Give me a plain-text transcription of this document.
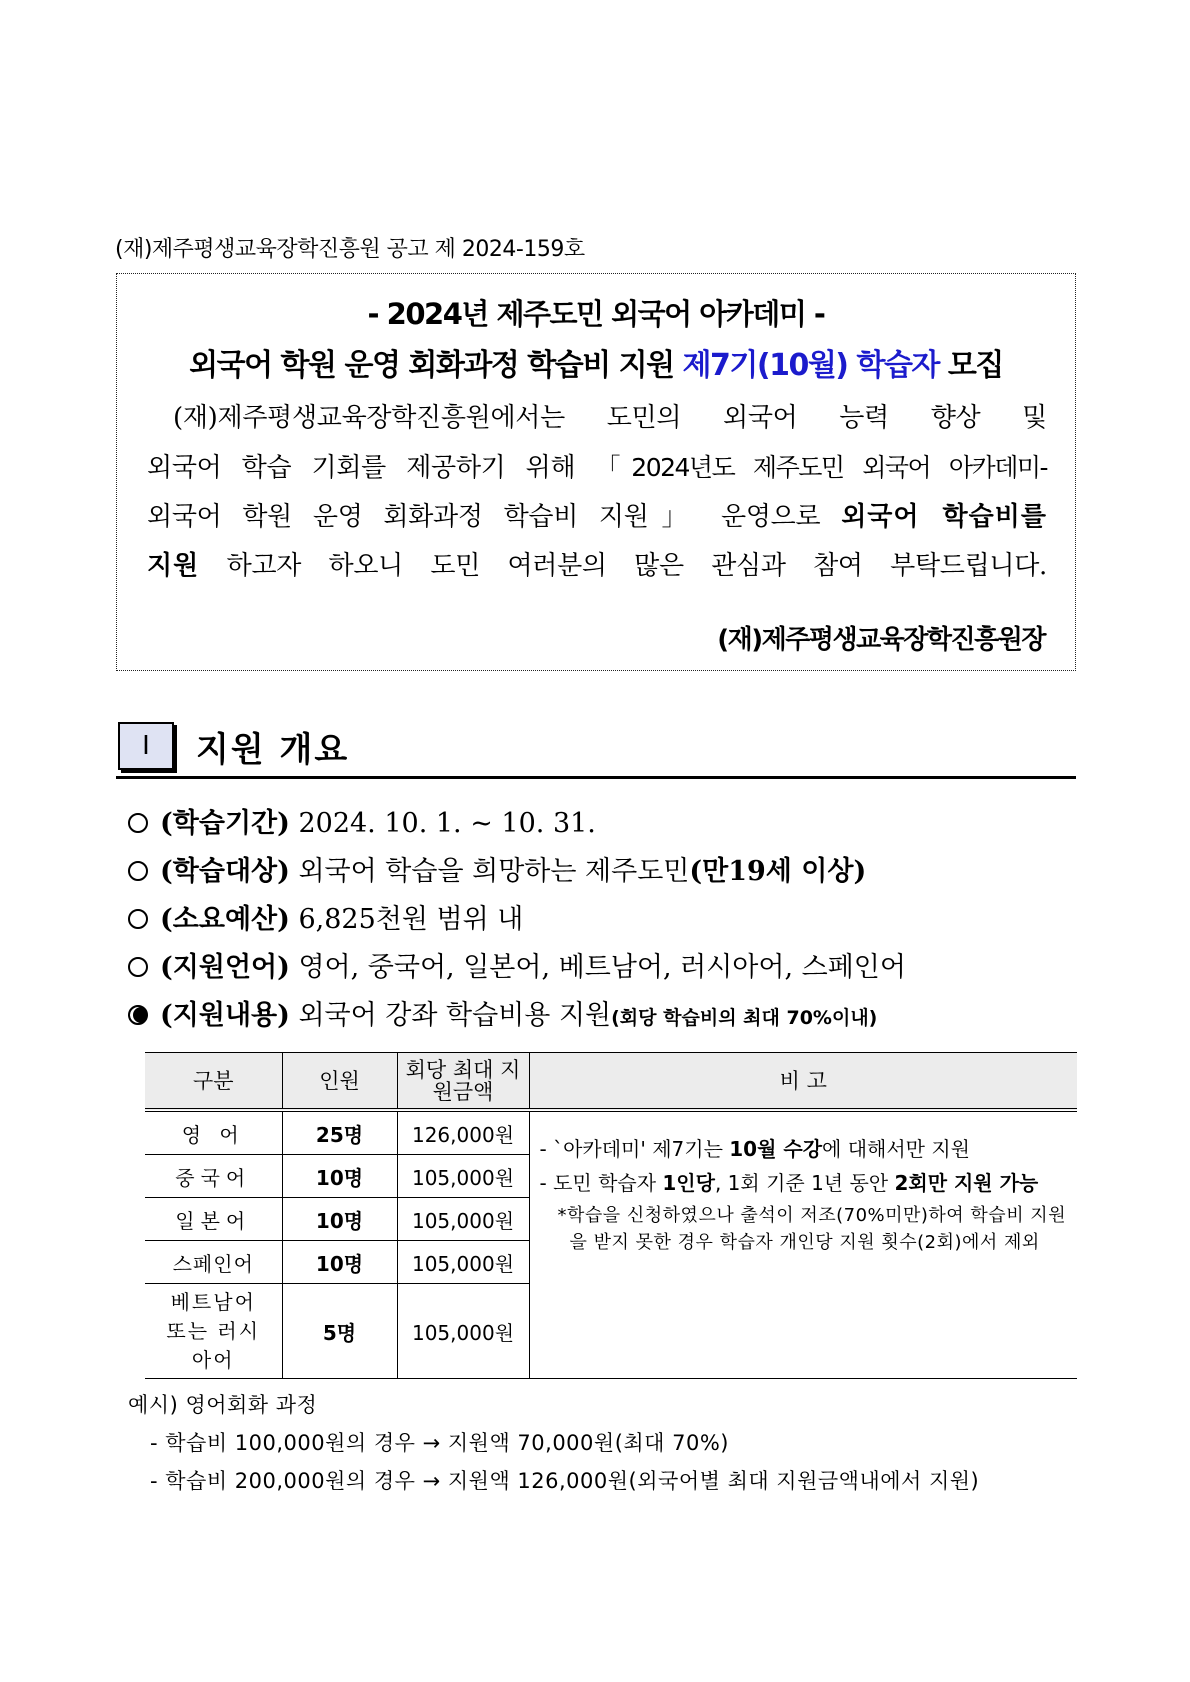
(재)제주평생교육장학진흥원 공고 제 2024-159호
- 2024년 제주도민 외국어 아카데미 -
외국어 학원 운영 회화과정 학습비 지원 제7기(10월) 학습자 모집
(재)제주평생교육장학진흥원에서는 도민의 외국어 능력 향상 및
외국어 학습 기회를 제공하기 위해 「2024년도 제주도민 외국어 아카데미-
외국어 학원 운영 회화과정 학습비 지원」 운영으로 외국어 학습비를
지원 하고자 하오니 도민 여러분의 많은 관심과 참여 부탁드립니다.
(재)제주평생교육장학진흥원장
Ⅰ	지원 개요
(학습기간) 2024. 10. 1. ~ 10. 31.
(학습대상) 외국어 학습을 희망하는 제주도민(만19세 이상)
(소요예산) 6,825천원 범위 내
(지원언어) 영어, 중국어, 일본어, 베트남어, 러시아어, 스페인어
(지원내용) 외국어 강좌 학습비용 지원(회당 학습비의 최대 70%이내)
구분	인원	회당 최대 지원금액	비 고
영 어	25명	126,000원	- `아카데미' 제7기는 10월 수강에 대해서만 지원
- 도민 학습자 1인당, 1회 기준 1년 동안 2회만 지원 가능
*학습을 신청하였으나 출석이 저조(70%미만)하여 학습비 지원을 받지 못한 경우 학습자 개인당 지원 횟수(2회)에서 제외

중국어	10명	105,000원	
일본어	10명	105,000원	
스페인어	10명	105,000원	
베트남어 또는 러시아어	5명	105,000원	
예시) 영어회화 과정
- 학습비 100,000원의 경우 → 지원액 70,000원(최대 70%)
- 학습비 200,000원의 경우 → 지원액 126,000원(외국어별 최대 지원금액내에서 지원)
